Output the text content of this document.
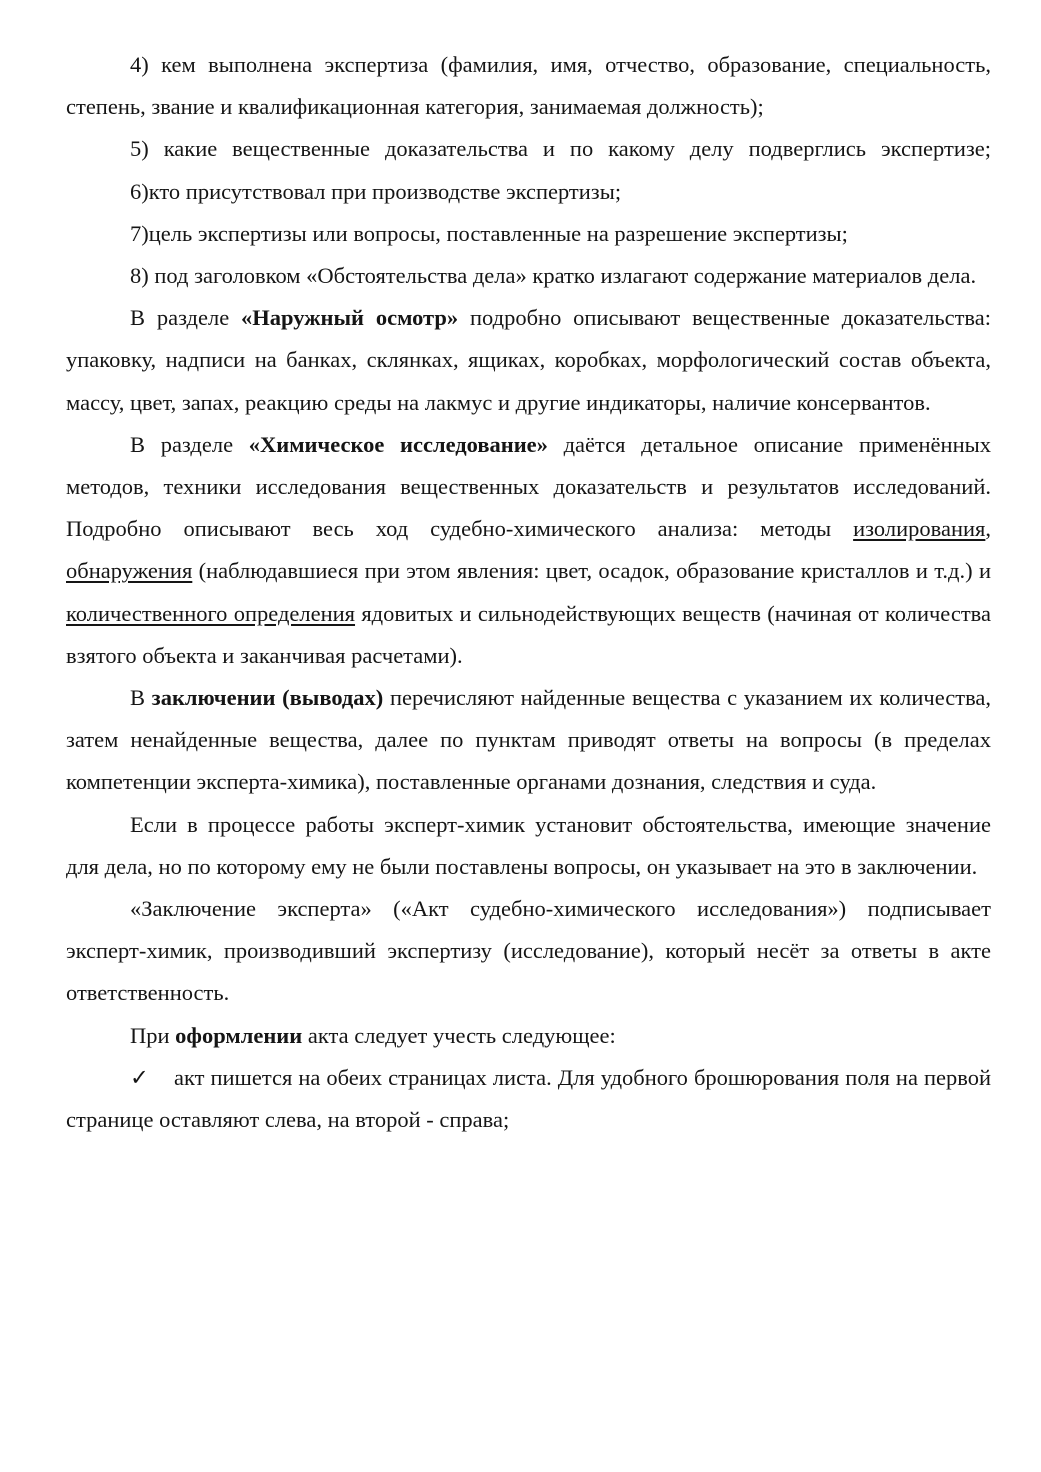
4) кем выполнена экспертиза (фамилия, имя, отчество, образование, специальность, степень, звание и квалификационная категория, занимаемая должность);

5) какие вещественные доказательства и по какому делу подверглись экспертизе;

6)кто присутствовал при производстве экспертизы;

7)цель экспертизы или вопросы, поставленные на разрешение экспертизы;

8) под заголовком «Обстоятельства дела» кратко излагают содержание материалов дела.

В разделе «Наружный осмотр» подробно описывают вещественные доказательства: упаковку, надписи на банках, склянках, ящиках, коробках, морфологический состав объекта, массу, цвет, запах, реакцию среды на лакмус и другие индикаторы, наличие консервантов.

В разделе «Химическое исследование» даётся детальное описание применённых методов, техники исследования вещественных доказательств и результатов исследований. Подробно описывают весь ход судебно-химического анализа: методы изолирования, обнаружения (наблюдавшиеся при этом явления: цвет, осадок, образование кристаллов и т.д.) и количественного определения ядовитых и сильнодействующих веществ (начиная от количества взятого объекта и заканчивая расчетами).

В заключении (выводах) перечисляют найденные вещества с указанием их количества, затем ненайденные вещества, далее по пунктам приводят ответы на вопросы (в пределах компетенции эксперта-химика), поставленные органами дознания, следствия и суда.

Если в процессе работы эксперт-химик установит обстоятельства, имеющие значение для дела, но по которому ему не были поставлены вопросы, он указывает на это в заключении.

«Заключение эксперта» («Акт судебно-химического исследования») подписывает эксперт-химик, производивший экспертизу (исследование), который несёт за ответы в акте ответственность.

При оформлении акта следует учесть следующее:

✓ акт пишется на обеих страницах листа. Для удобного брошюрования поля на первой странице оставляют слева, на второй - справа;
